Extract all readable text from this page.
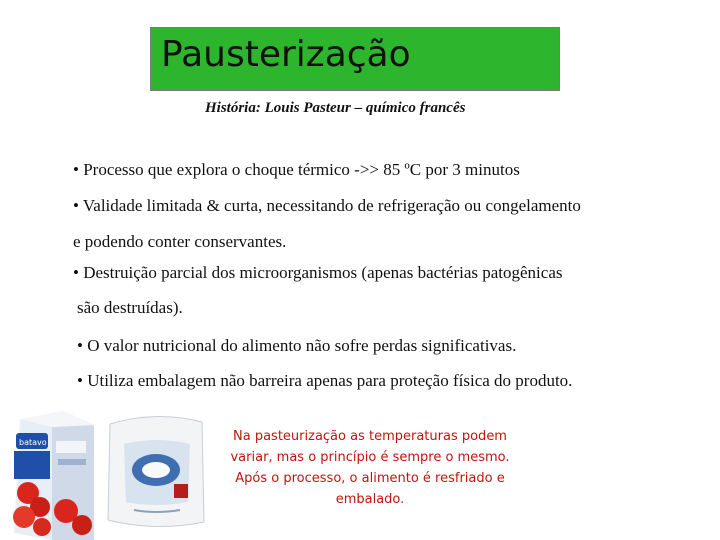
Pausterização
História: Louis Pasteur – químico francês
• Processo que explora o choque térmico ->> 85 ºC por 3 minutos
• Validade limitada & curta, necessitando de refrigeração ou congelamento
e podendo conter conservantes.
• Destruição parcial dos microorganismos (apenas bactérias patogênicas
são destruídas).
• O valor nutricional do alimento não sofre perdas significativas.
• Utiliza embalagem não barreira apenas para proteção física do produto.
batavo	Na pasteurização as temperaturas podem variar, mas o princípio é sempre o mesmo. Após o processo, o alimento é resfriado e embalado.
